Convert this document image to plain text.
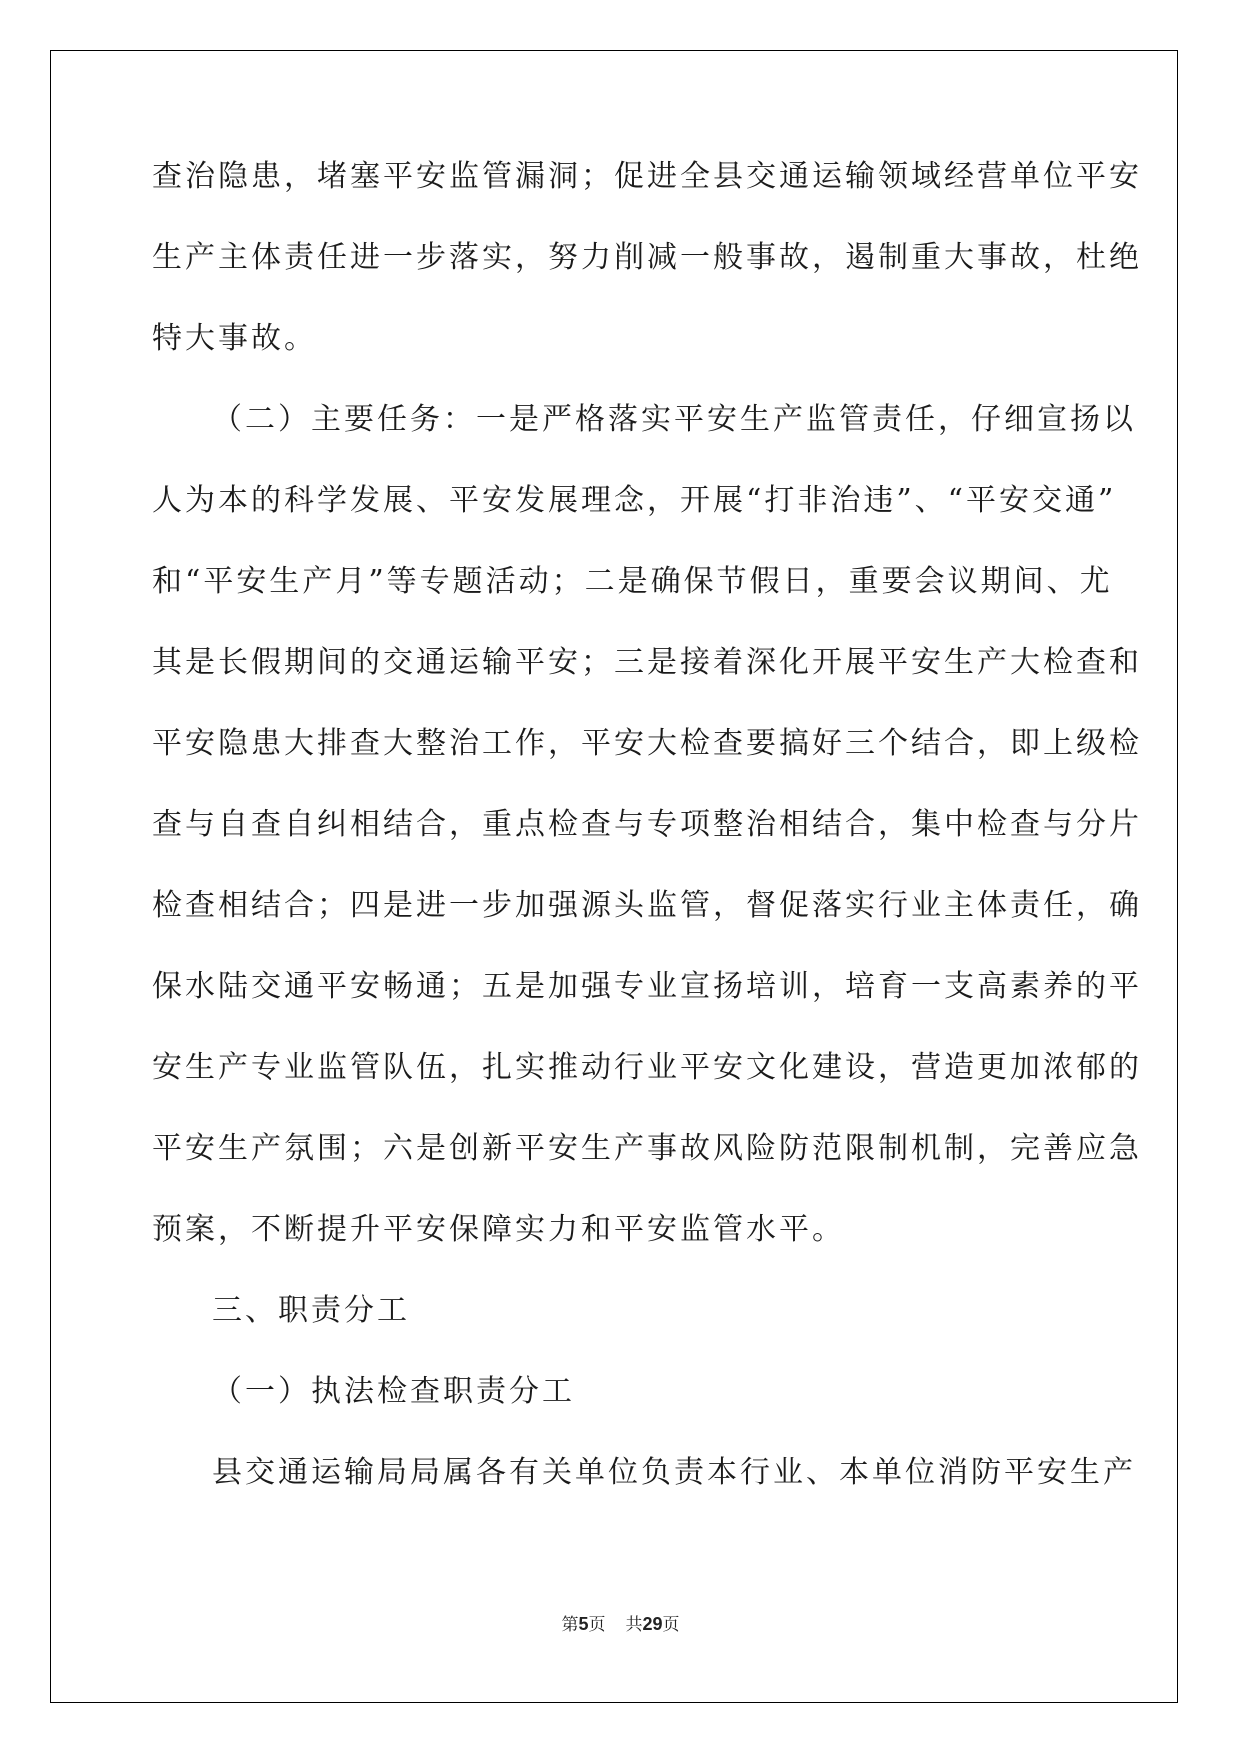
查治隐患，堵塞平安监管漏洞；促进全县交通运输领域经营单位平安
生产主体责任进一步落实，努力削减一般事故，遏制重大事故，杜绝
特大事故。
（二）主要任务：一是严格落实平安生产监管责任，仔细宣扬以
人为本的科学发展、平安发展理念，开展“打非治违”、“平安交通”
和“平安生产月”等专题活动；二是确保节假日，重要会议期间、尤
其是长假期间的交通运输平安；三是接着深化开展平安生产大检查和
平安隐患大排查大整治工作，平安大检查要搞好三个结合，即上级检
查与自查自纠相结合，重点检查与专项整治相结合，集中检查与分片
检查相结合；四是进一步加强源头监管，督促落实行业主体责任，确
保水陆交通平安畅通；五是加强专业宣扬培训，培育一支高素养的平
安生产专业监管队伍，扎实推动行业平安文化建设，营造更加浓郁的
平安生产氛围；六是创新平安生产事故风险防范限制机制，完善应急
预案，不断提升平安保障实力和平安监管水平。
三、职责分工
（一）执法检查职责分工
县交通运输局局属各有关单位负责本行业、本单位消防平安生产
第5页 共29页
